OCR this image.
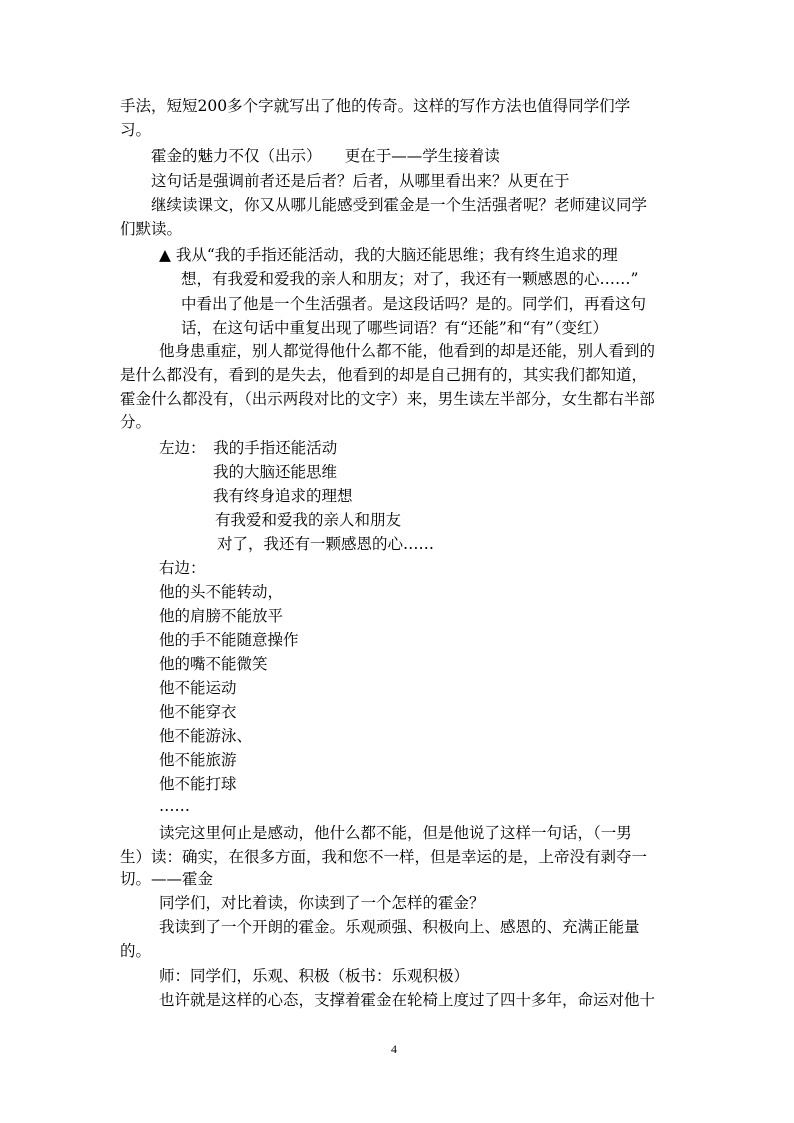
手法，短短200多个字就写出了他的传奇。这样的写作方法也值得同学们学
习。
霍金的魅力不仅（出示）　　更在于——学生接着读
这句话是强调前者还是后者？后者，从哪里看出来？从更在于
继续读课文，你又从哪儿能感受到霍金是一个生活强者呢？老师建议同学
们默读。
▲ 我从“我的手指还能活动，我的大脑还能思维；我有终生追求的理
想，有我爱和爱我的亲人和朋友；对了，我还有一颗感恩的心……”
中看出了他是一个生活强者。是这段话吗？是的。同学们，再看这句
话，在这句话中重复出现了哪些词语？有“还能”和“有”（变红）
他身患重症，别人都觉得他什么都不能，他看到的却是还能，别人看到的
是什么都没有，看到的是失去，他看到的却是自己拥有的，其实我们都知道，
霍金什么都没有，（出示两段对比的文字）来，男生读左半部分，女生都右半部
分。
左边：　我的手指还能活动
我的大脑还能思维
我有终身追求的理想
有我爱和爱我的亲人和朋友
对了，我还有一颗感恩的心……
右边：
他的头不能转动，
他的肩膀不能放平
他的手不能随意操作
他的嘴不能微笑
他不能运动
他不能穿衣
他不能游泳、
他不能旅游
他不能打球
……
读完这里何止是感动，他什么都不能，但是他说了这样一句话，（一男
生）读：确实，在很多方面，我和您不一样，但是幸运的是，上帝没有剥夺一
切。——霍金
同学们，对比着读，你读到了一个怎样的霍金？
我读到了一个开朗的霍金。乐观顽强、积极向上、感恩的、充满正能量
的。
师：同学们，乐观、积极（板书：乐观积极）
也许就是这样的心态，支撑着霍金在轮椅上度过了四十多年，命运对他十
4
